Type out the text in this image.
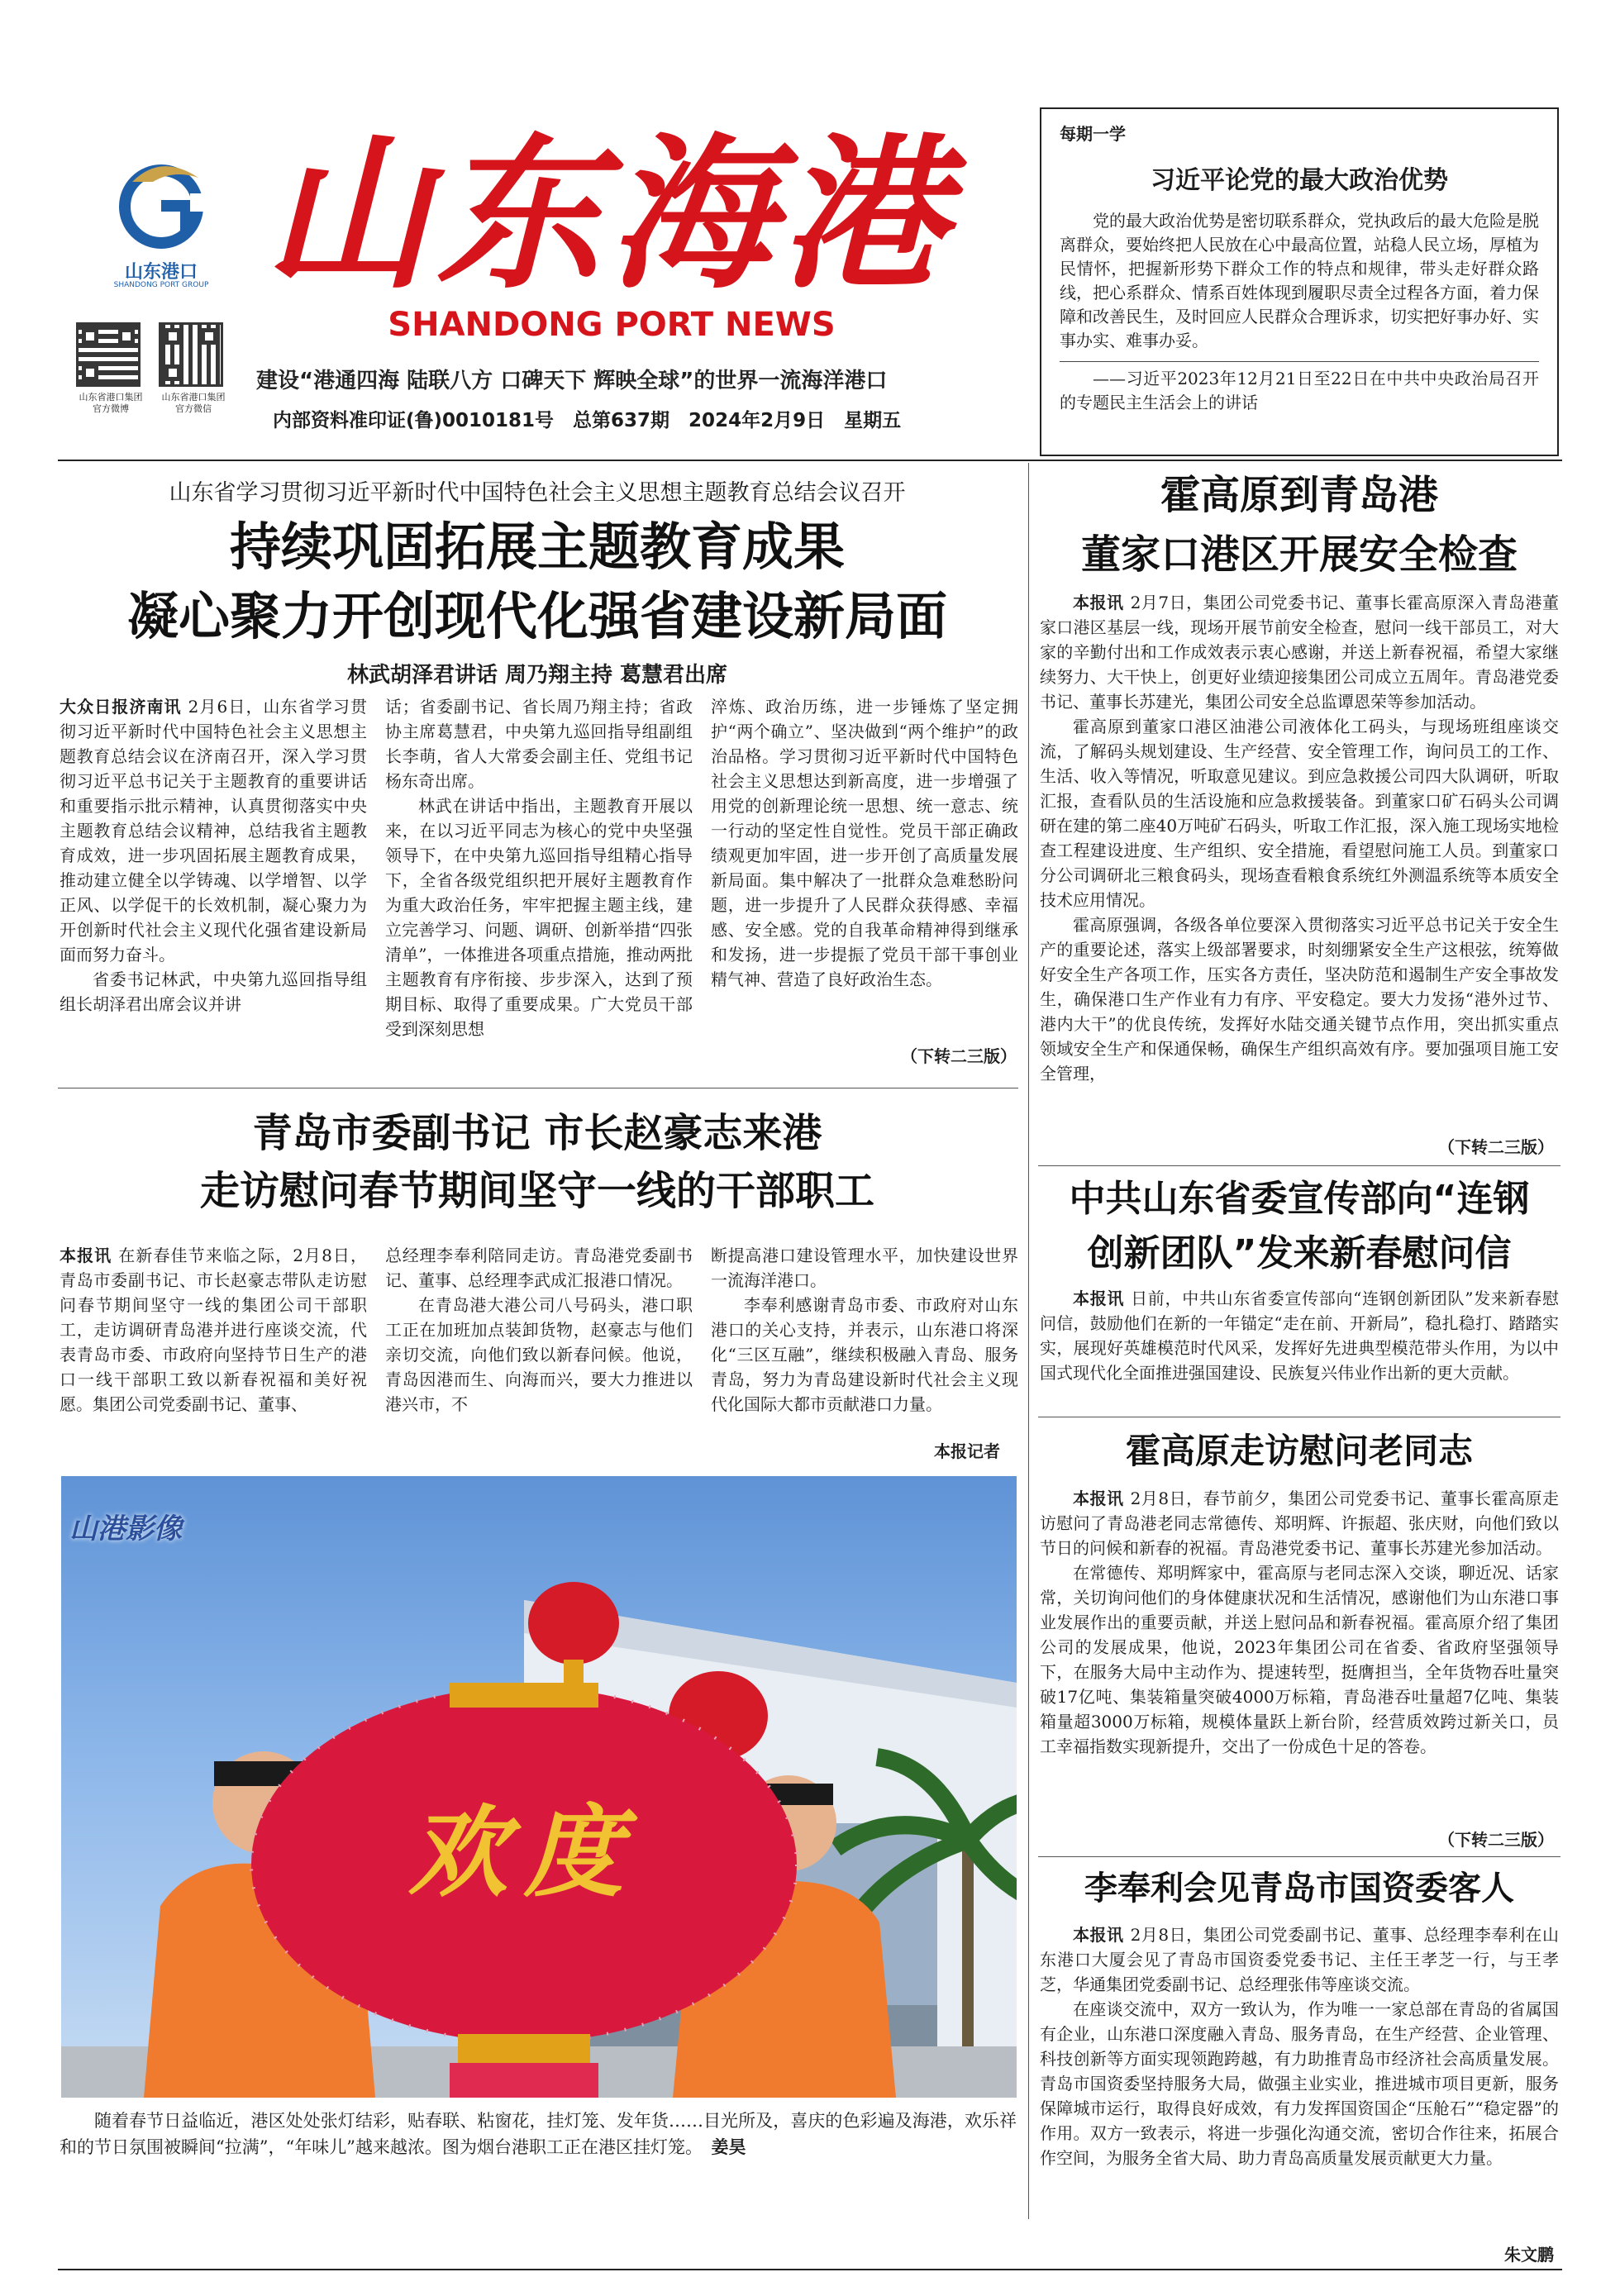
山东港口
SHANDONG PORT GROUP 山东海港
SHANDONG PORT NEWS
山东省港口集团官方微博
山东省港口集团官方微信
建设“港通四海 陆联八方 口碑天下 辉映全球”的世界一流海洋港口
内部资料准印证(鲁)0010181号　总第637期　2024年2月9日　星期五
每期一学
习近平论党的最大政治优势

党的最大政治优势是密切联系群众，党执政后的最大危险是脱离群众，要始终把人民放在心中最高位置，站稳人民立场，厚植为民情怀，把握新形势下群众工作的特点和规律，带头走好群众路线，把心系群众、情系百姓体现到履职尽责全过程各方面，着力保障和改善民生，及时回应人民群众合理诉求，切实把好事办好、实事办实、难事办妥。

——习近平2023年12月21日至22日在中共中央政治局召开的专题民主生活会上的讲话

山东省学习贯彻习近平新时代中国特色社会主义思想主题教育总结会议召开
持续巩固拓展主题教育成果
凝心聚力开创现代化强省建设新局面
林武胡泽君讲话 周乃翔主持 葛慧君出席

大众日报济南讯 2月6日，山东省学习贯彻习近平新时代中国特色社会主义思想主题教育总结会议在济南召开，深入学习贯彻习近平总书记关于主题教育的重要讲话和重要指示批示精神，认真贯彻落实中央主题教育总结会议精神，总结我省主题教育成效，进一步巩固拓展主题教育成果，推动建立健全以学铸魂、以学增智、以学正风、以学促干的长效机制，凝心聚力为开创新时代社会主义现代化强省建设新局面而努力奋斗。

省委书记林武，中央第九巡回指导组组长胡泽君出席会议并讲

话；省委副书记、省长周乃翔主持；省政协主席葛慧君，中央第九巡回指导组副组长李萌，省人大常委会副主任、党组书记杨东奇出席。

林武在讲话中指出，主题教育开展以来，在以习近平同志为核心的党中央坚强领导下，在中央第九巡回指导组精心指导下，全省各级党组织把开展好主题教育作为重大政治任务，牢牢把握主题主线，建立完善学习、问题、调研、创新举措“四张清单”，一体推进各项重点措施，推动两批主题教育有序衔接、步步深入，达到了预期目标、取得了重要成果。广大党员干部受到深刻思想

淬炼、政治历练，进一步锤炼了坚定拥护“两个确立”、坚决做到“两个维护”的政治品格。学习贯彻习近平新时代中国特色社会主义思想达到新高度，进一步增强了用党的创新理论统一思想、统一意志、统一行动的坚定性自觉性。党员干部正确政绩观更加牢固，进一步开创了高质量发展新局面。集中解决了一批群众急难愁盼问题，进一步提升了人民群众获得感、幸福感、安全感。党的自我革命精神得到继承和发扬，进一步提振了党员干部干事创业精气神、营造了良好政治生态。

（下转二三版）
青岛市委副书记 市长赵豪志来港
走访慰问春节期间坚守一线的干部职工

本报讯 在新春佳节来临之际，2月8日，青岛市委副书记、市长赵豪志带队走访慰问春节期间坚守一线的集团公司干部职工，走访调研青岛港并进行座谈交流，代表青岛市委、市政府向坚持节日生产的港口一线干部职工致以新春祝福和美好祝愿。集团公司党委副书记、董事、

总经理李奉利陪同走访。青岛港党委副书记、董事、总经理李武成汇报港口情况。

在青岛港大港公司八号码头，港口职工正在加班加点装卸货物，赵豪志与他们亲切交流，向他们致以新春问候。他说，青岛因港而生、向海而兴，要大力推进以港兴市，不

断提高港口建设管理水平，加快建设世界一流海洋港口。

李奉利感谢青岛市委、市政府对山东港口的关心支持，并表示，山东港口将深化“三区互融”，继续积极融入青岛、服务青岛，努力为青岛建设新时代社会主义现代化国际大都市贡献港口力量。

本报记者
欢度
山港影像

随着春节日益临近，港区处处张灯结彩，贴春联、粘窗花，挂灯笼、发年货……目光所及，喜庆的色彩遍及海港，欢乐祥和的节日氛围被瞬间“拉满”，“年味儿”越来越浓。图为烟台港职工正在港区挂灯笼。　 姜昊

霍高原到青岛港
董家口港区开展安全检查

本报讯 2月7日，集团公司党委书记、董事长霍高原深入青岛港董家口港区基层一线，现场开展节前安全检查，慰问一线干部员工，对大家的辛勤付出和工作成效表示衷心感谢，并送上新春祝福，希望大家继续努力、大干快上，创更好业绩迎接集团公司成立五周年。青岛港党委书记、董事长苏建光，集团公司安全总监谭恩荣等参加活动。

霍高原到董家口港区油港公司液体化工码头，与现场班组座谈交流，了解码头规划建设、生产经营、安全管理工作，询问员工的工作、生活、收入等情况，听取意见建议。到应急救援公司四大队调研，听取汇报，查看队员的生活设施和应急救援装备。到董家口矿石码头公司调研在建的第二座40万吨矿石码头，听取工作汇报，深入施工现场实地检查工程建设进度、生产组织、安全措施，看望慰问施工人员。到董家口分公司调研北三粮食码头，现场查看粮食系统红外测温系统等本质安全技术应用情况。

霍高原强调，各级各单位要深入贯彻落实习近平总书记关于安全生产的重要论述，落实上级部署要求，时刻绷紧安全生产这根弦，统筹做好安全生产各项工作，压实各方责任，坚决防范和遏制生产安全事故发生，确保港口生产作业有力有序、平安稳定。要大力发扬“港外过节、港内大干”的优良传统，发挥好水陆交通关键节点作用，突出抓实重点领域安全生产和保通保畅，确保生产组织高效有序。要加强项目施工安全管理，

（下转二三版）
中共山东省委宣传部向“连钢
创新团队”发来新春慰问信

本报讯 日前，中共山东省委宣传部向“连钢创新团队”发来新春慰问信，鼓励他们在新的一年锚定“走在前、开新局”，稳扎稳打、踏踏实实，展现好英雄模范时代风采，发挥好先进典型模范带头作用，为以中国式现代化全面推进强国建设、民族复兴伟业作出新的更大贡献。

霍高原走访慰问老同志

本报讯 2月8日，春节前夕，集团公司党委书记、董事长霍高原走访慰问了青岛港老同志常德传、郑明辉、许振超、张庆财，向他们致以节日的问候和新春的祝福。青岛港党委书记、董事长苏建光参加活动。

在常德传、郑明辉家中，霍高原与老同志深入交谈，聊近况、话家常，关切询问他们的身体健康状况和生活情况，感谢他们为山东港口事业发展作出的重要贡献，并送上慰问品和新春祝福。霍高原介绍了集团公司的发展成果，他说，2023年集团公司在省委、省政府坚强领导下，在服务大局中主动作为、提速转型，挺膺担当，全年货物吞吐量突破17亿吨、集装箱量突破4000万标箱，青岛港吞吐量超7亿吨、集装箱量超3000万标箱，规模体量跃上新台阶，经营质效跨过新关口，员工幸福指数实现新提升，交出了一份成色十足的答卷。

（下转二三版）
李奉利会见青岛市国资委客人

本报讯 2月8日，集团公司党委副书记、董事、总经理李奉利在山东港口大厦会见了青岛市国资委党委书记、主任王孝芝一行，与王孝芝，华通集团党委副书记、总经理张伟等座谈交流。

在座谈交流中，双方一致认为，作为唯一一家总部在青岛的省属国有企业，山东港口深度融入青岛、服务青岛，在生产经营、企业管理、科技创新等方面实现领跑跨越，有力助推青岛市经济社会高质量发展。青岛市国资委坚持服务大局，做强主业实业，推进城市项目更新，服务保障城市运行，取得良好成效，有力发挥国资国企“压舱石”“稳定器”的作用。双方一致表示，将进一步强化沟通交流，密切合作往来，拓展合作空间，为服务全省大局、助力青岛高质量发展贡献更大力量。

朱文鹏
